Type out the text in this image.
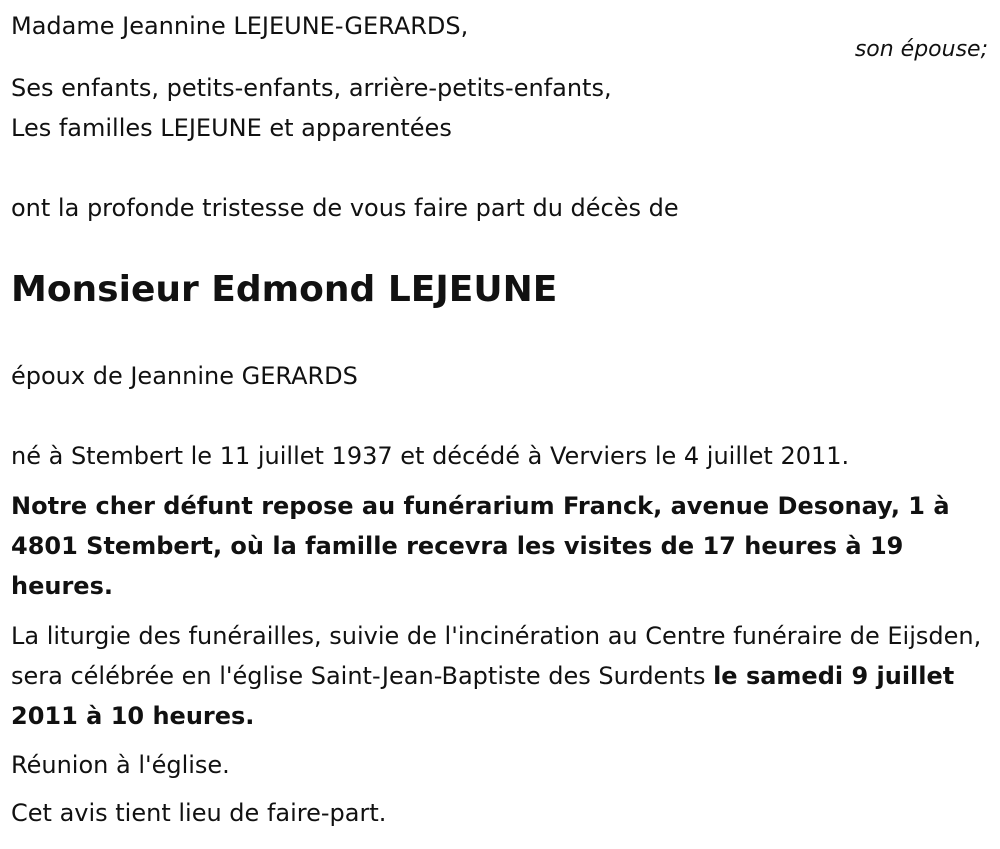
Madame Jeannine LEJEUNE-GERARDS,

son épouse;

Ses enfants, petits-enfants, arrière-petits-enfants,

Les familles LEJEUNE et apparentées

ont la profonde tristesse de vous faire part du décès de

Monsieur Edmond LEJEUNE

époux de Jeannine GERARDS

né à Stembert le 11 juillet 1937 et décédé à Verviers le 4 juillet 2011.

Notre cher défunt repose au funérarium Franck, avenue Desonay, 1 à 4801 Stembert, où la famille recevra les visites de 17 heures à 19 heures.

La liturgie des funérailles, suivie de l'incinération au Centre funéraire de Eijsden, sera célébrée en l'église Saint-Jean-Baptiste des Surdents le samedi 9 juillet 2011 à 10 heures.

Réunion à l'église.

Cet avis tient lieu de faire-part.
